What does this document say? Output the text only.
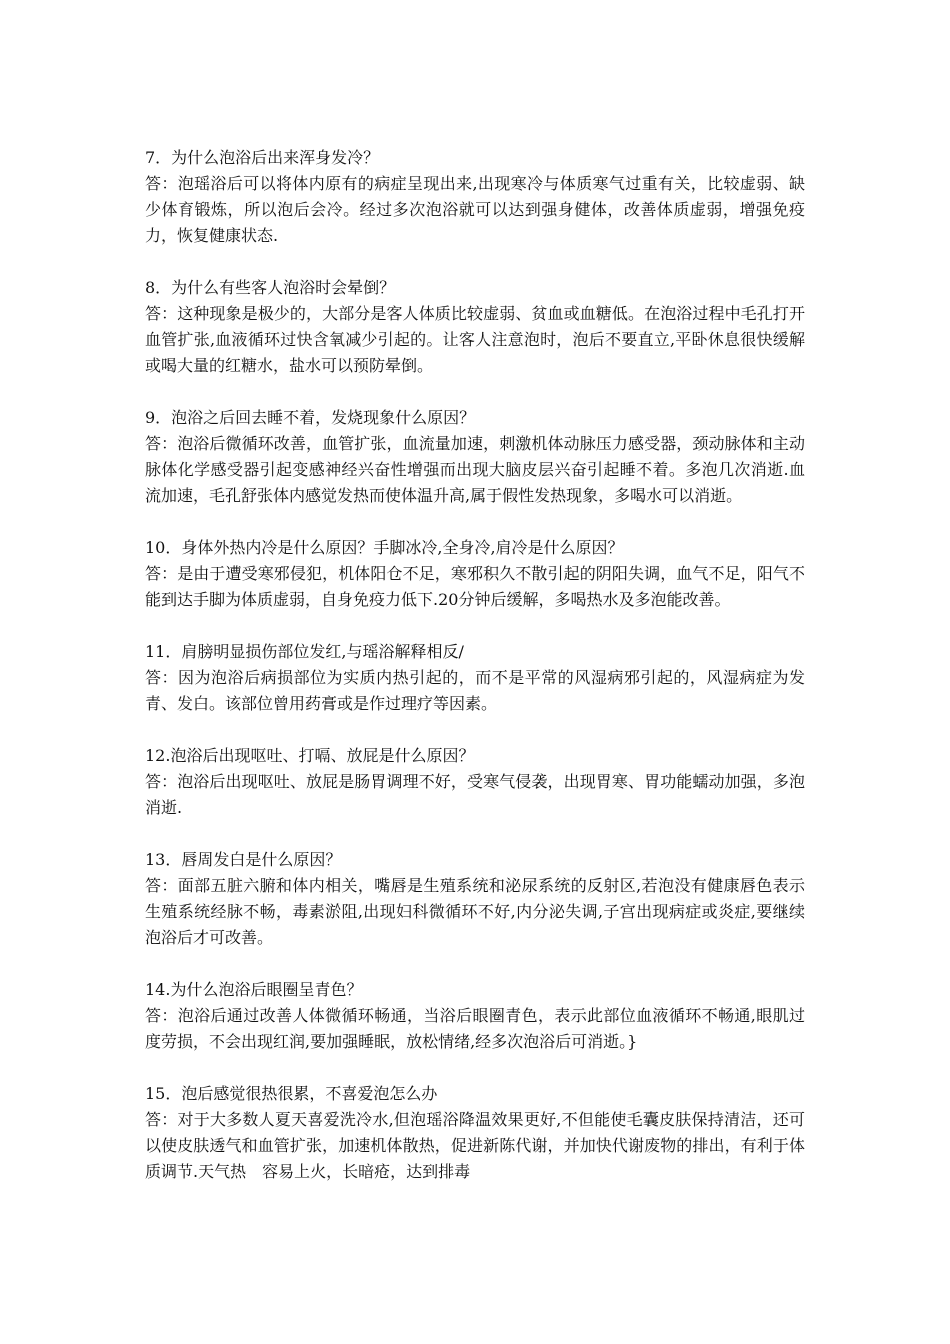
7．为什么泡浴后出来浑身发冷？
答：泡瑶浴后可以将体内原有的病症呈现出来,出现寒冷与体质寒气过重有关，比较虚弱、缺少体育锻炼，所以泡后会冷。经过多次泡浴就可以达到强身健体，改善体质虚弱，增强免疫力，恢复健康状态.
8．为什么有些客人泡浴时会晕倒？
答：这种现象是极少的，大部分是客人体质比较虚弱、贫血或血糖低。在泡浴过程中毛孔打开血管扩张,血液循环过快含氧减少引起的。让客人注意泡时，泡后不要直立,平卧休息很快缓解或喝大量的红糖水，盐水可以预防晕倒。
9．泡浴之后回去睡不着，发烧现象什么原因？
答：泡浴后微循环改善，血管扩张，血流量加速，刺激机体动脉压力感受器，颈动脉体和主动脉体化学感受器引起变感神经兴奋性增强而出现大脑皮层兴奋引起睡不着。多泡几次消逝.血流加速，毛孔舒张体内感觉发热而使体温升高,属于假性发热现象，多喝水可以消逝。
10．身体外热内冷是什么原因？手脚冰冷,全身冷,肩冷是什么原因？
答：是由于遭受寒邪侵犯，机体阳仓不足，寒邪积久不散引起的阴阳失调，血气不足，阳气不能到达手脚为体质虚弱，自身免疫力低下.20分钟后缓解，多喝热水及多泡能改善。
11．肩膀明显损伤部位发红,与瑶浴解释相反/
答：因为泡浴后病损部位为实质内热引起的，而不是平常的风湿病邪引起的，风湿病症为发青、发白。该部位曾用药膏或是作过理疗等因素。
12.泡浴后出现呕吐、打嗝、放屁是什么原因？
答：泡浴后出现呕吐、放屁是肠胃调理不好，受寒气侵袭，出现胃寒、胃功能蠕动加强，多泡消逝.
13．唇周发白是什么原因？
答：面部五脏六腑和体内相关，嘴唇是生殖系统和泌尿系统的反射区,若泡没有健康唇色表示生殖系统经脉不畅，毒素淤阻,出现妇科微循环不好,内分泌失调,子宫出现病症或炎症,要继续泡浴后才可改善。
14.为什么泡浴后眼圈呈青色？
答：泡浴后通过改善人体微循环畅通，当浴后眼圈青色，表示此部位血液循环不畅通,眼肌过度劳损，不会出现红润,要加强睡眠，放松情绪,经多次泡浴后可消逝。}
15．泡后感觉很热很累，不喜爱泡怎么办
答：对于大多数人夏天喜爱洗冷水,但泡瑶浴降温效果更好,不但能使毛囊皮肤保持清洁，还可以使皮肤透气和血管扩张，加速机体散热，促进新陈代谢，并加快代谢废物的排出，有利于体质调节.天气热　容易上火，长暗疮，达到排毒
